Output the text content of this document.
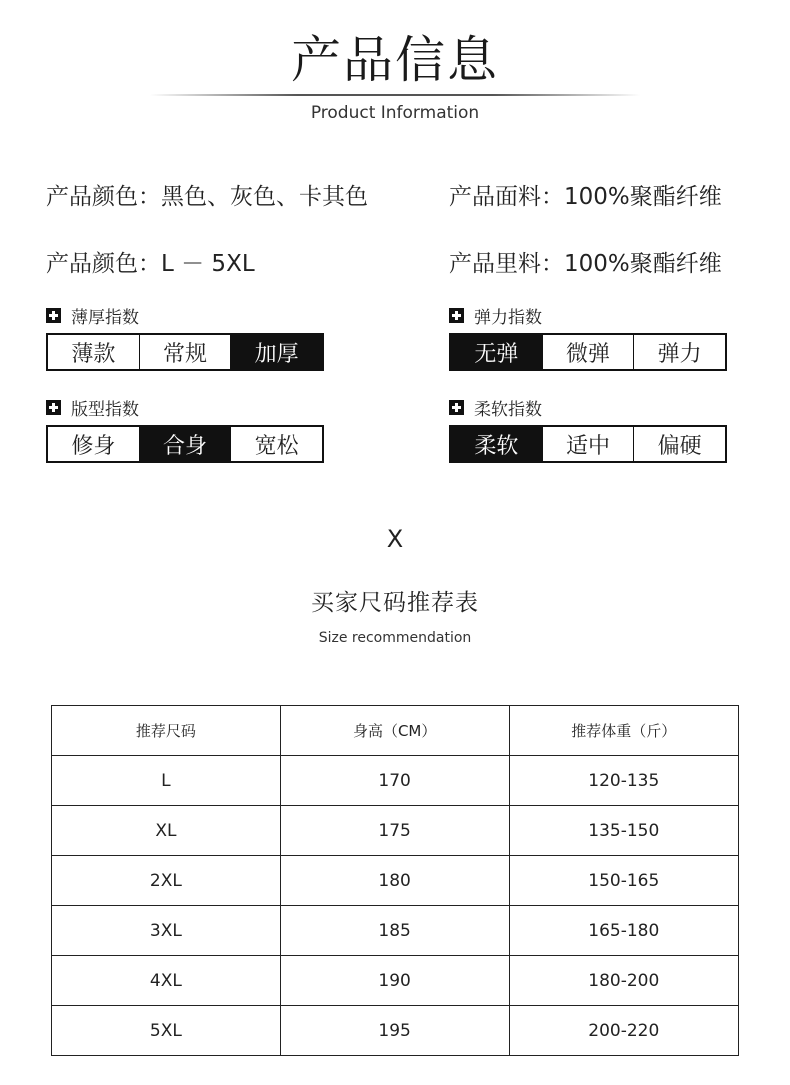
产品信息
Product Information
产品颜色：黑色、灰色、卡其色	产品面料：100%聚酯纤维
产品颜色：L － 5XL	产品里料：100%聚酯纤维
薄厚指数
薄款	常规	加厚
弹力指数
无弹	微弹	弹力
版型指数
修身	合身	宽松
柔软指数
柔软	适中	偏硬
X
买家尺码推荐表
Size recommendation
推荐尺码	身高（CM）	推荐体重（斤）
L	170	120-135
XL	175	135-150
2XL	180	150-165
3XL	185	165-180
4XL	190	180-200
5XL	195	200-220
